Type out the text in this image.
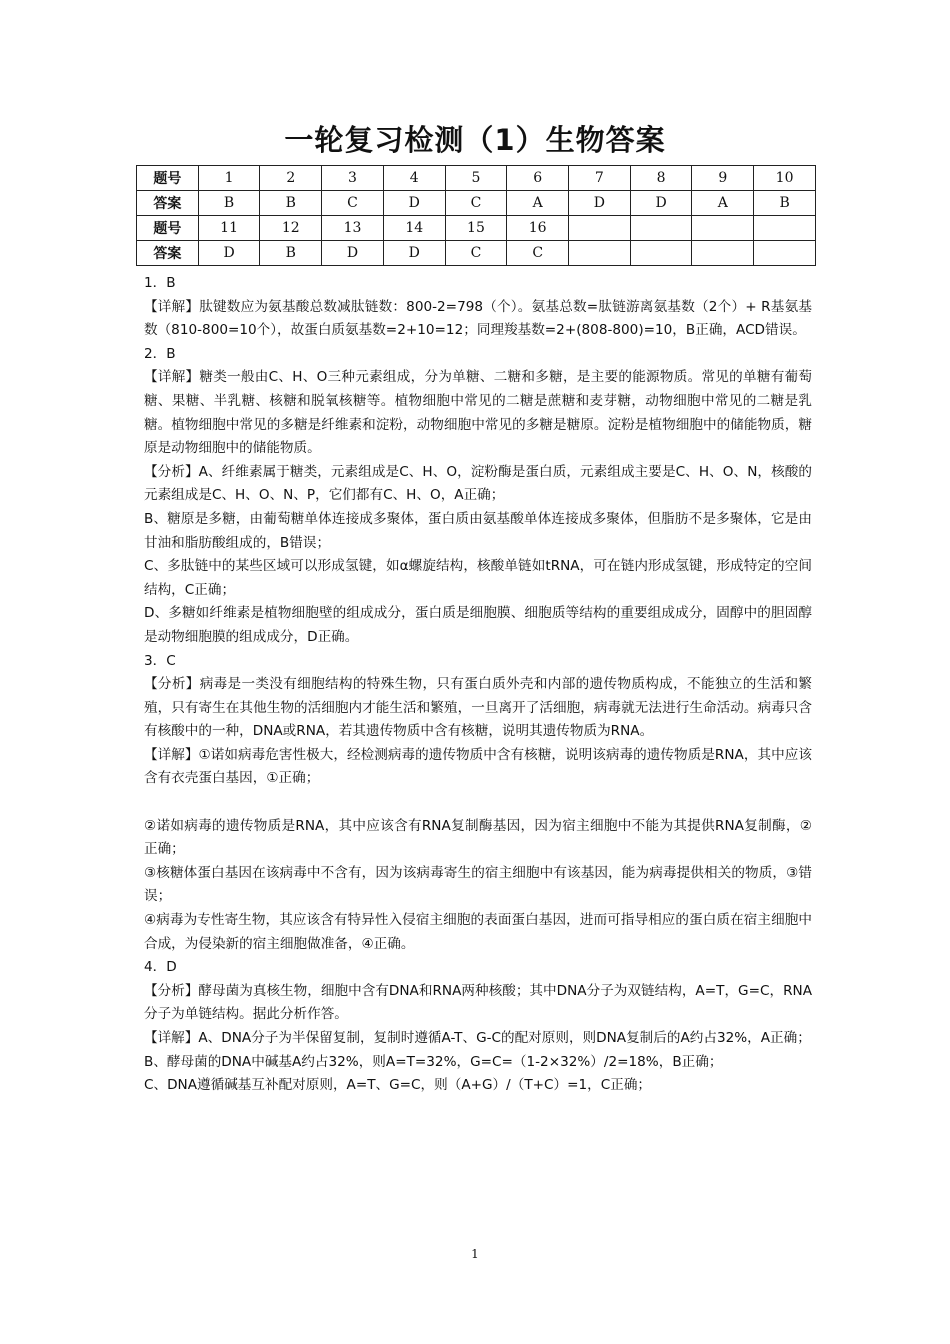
一轮复习检测（1）生物答案
题号	1	2	3	4	5	6	7	8	9	10
答案	B	B	C	D	C	A	D	D	A	B
题号	11	12	13	14	15	16				
答案	D	B	D	D	C	C				

1．B

【详解】肽键数应为氨基酸总数减肽链数：800-2=798（个）。氨基总数=肽链游离氨基数（2个）+ R基氨基数（810-800=10个），故蛋白质氨基数=2+10=12；同理羧基数=2+(808-800)=10，B正确，ACD错误。

2．B

【详解】糖类一般由C、H、O三种元素组成，分为单糖、二糖和多糖，是主要的能源物质。常见的单糖有葡萄糖、果糖、半乳糖、核糖和脱氧核糖等。植物细胞中常见的二糖是蔗糖和麦芽糖，动物细胞中常见的二糖是乳糖。植物细胞中常见的多糖是纤维素和淀粉，动物细胞中常见的多糖是糖原。淀粉是植物细胞中的储能物质，糖原是动物细胞中的储能物质。

【分析】A、纤维素属于糖类，元素组成是C、H、O，淀粉酶是蛋白质，元素组成主要是C、H、O、N，核酸的元素组成是C、H、O、N、P，它们都有C、H、O，A正确；

B、糖原是多糖，由葡萄糖单体连接成多聚体，蛋白质由氨基酸单体连接成多聚体，但脂肪不是多聚体，它是由甘油和脂肪酸组成的，B错误；

C、多肽链中的某些区域可以形成氢键，如α螺旋结构，核酸单链如tRNA，可在链内形成氢键，形成特定的空间结构，C正确；

D、多糖如纤维素是植物细胞壁的组成成分，蛋白质是细胞膜、细胞质等结构的重要组成成分，固醇中的胆固醇是动物细胞膜的组成成分，D正确。

3．C

【分析】病毒是一类没有细胞结构的特殊生物，只有蛋白质外壳和内部的遗传物质构成，不能独立的生活和繁殖，只有寄生在其他生物的活细胞内才能生活和繁殖，一旦离开了活细胞，病毒就无法进行生命活动。病毒只含有核酸中的一种，DNA或RNA，若其遗传物质中含有核糖，说明其遗传物质为RNA。

【详解】①诺如病毒危害性极大，经检测病毒的遗传物质中含有核糖，说明该病毒的遗传物质是RNA，其中应该含有衣壳蛋白基因，①正确；

②诺如病毒的遗传物质是RNA，其中应该含有RNA复制酶基因，因为宿主细胞中不能为其提供RNA复制酶，②正确；

③核糖体蛋白基因在该病毒中不含有，因为该病毒寄生的宿主细胞中有该基因，能为病毒提供相关的物质，③错误；

④病毒为专性寄生物，其应该含有特异性入侵宿主细胞的表面蛋白基因，进而可指导相应的蛋白质在宿主细胞中合成，为侵染新的宿主细胞做准备，④正确。

4．D

【分析】酵母菌为真核生物，细胞中含有DNA和RNA两种核酸；其中DNA分子为双链结构，A=T，G=C，RNA分子为单链结构。据此分析作答。

【详解】A、DNA分子为半保留复制，复制时遵循A-T、G-C的配对原则，则DNA复制后的A约占32%，A正确；

B、酵母菌的DNA中碱基A约占32%，则A=T=32%，G=C=（1-2×32%）/2=18%，B正确；

C、DNA遵循碱基互补配对原则，A=T、G=C，则（A+G）/（T+C）=1，C正确；

1
